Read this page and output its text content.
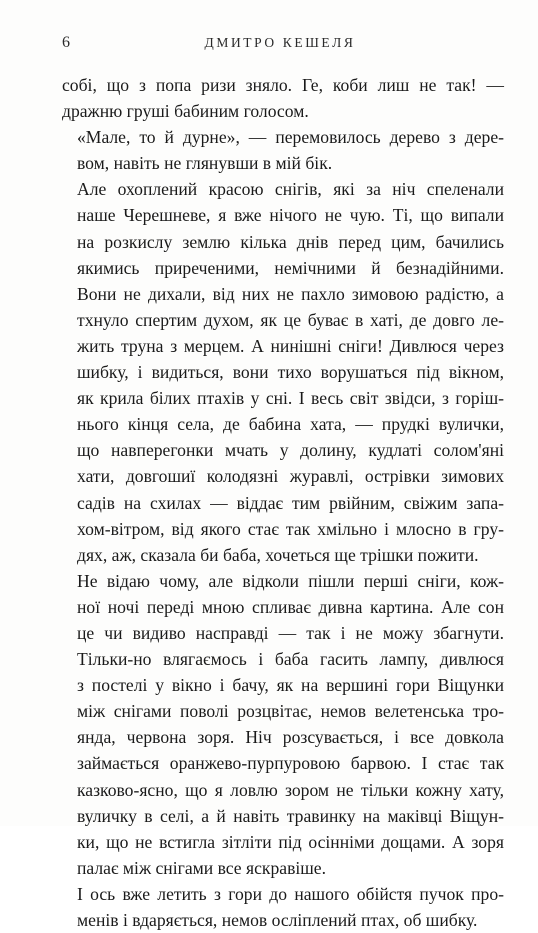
6	ДМИТРО КЕШЕЛЯ

собі, що з попа ризи зняло. Ге, коби лиш не так! —
дражню груші бабиним голосом.

«Мале, то й дурне», — перемовилось дерево з дере-
вом, навіть не глянувши в мій бік.

Але охоплений красою снігів, які за ніч спеленали
наше Черешневе, я вже нічого не чую. Ті, що випали
на розкислу землю кілька днів перед цим, бачились
якимись приреченими, немічними й безнадійними.
Вони не дихали, від них не пахло зимовою радістю, а
тхнуло спертим духом, як це буває в хаті, де довго ле-
жить труна з мерцем. А нинішні сніги! Дивлюся через
шибку, і видиться, вони тихо ворушаться під вікном,
як крила білих птахів у сні. І весь світ звідси, з горіш-
нього кінця села, де бабина хата, — прудкі вулички,
що навперегонки мчать у долину, кудлаті солом'яні
хати, довгошиї колодязні журавлі, острівки зимових
садів на схилах — віддає тим рвійним, свіжим запа-
хом-вітром, від якого стає так хмільно і млосно в гру-
дях, аж, сказала би баба, хочеться ще трішки пожити.

Не відаю чому, але відколи пішли перші сніги, кож-
ної ночі переді мною спливає дивна картина. Але сон
це чи видиво насправді — так і не можу збагнути.
Тільки-но влягаємось і баба гасить лампу, дивлюся
з постелі у вікно і бачу, як на вершині гори Віщунки
між снігами поволі розцвітає, немов велетенська тро-
янда, червона зоря. Ніч розсувається, і все довкола
займається оранжево-пурпуровою барвою. І стає так
казково-ясно, що я ловлю зором не тільки кожну хату,
вуличку в селі, а й навіть травинку на маківці Віщун-
ки, що не встигла зітліти під осінніми дощами. А зоря
палає між снігами все яскравіше.

І ось вже летить з гори до нашого обійстя пучок про-
менів і вдаряється, немов осліплений птах, об шибку.
